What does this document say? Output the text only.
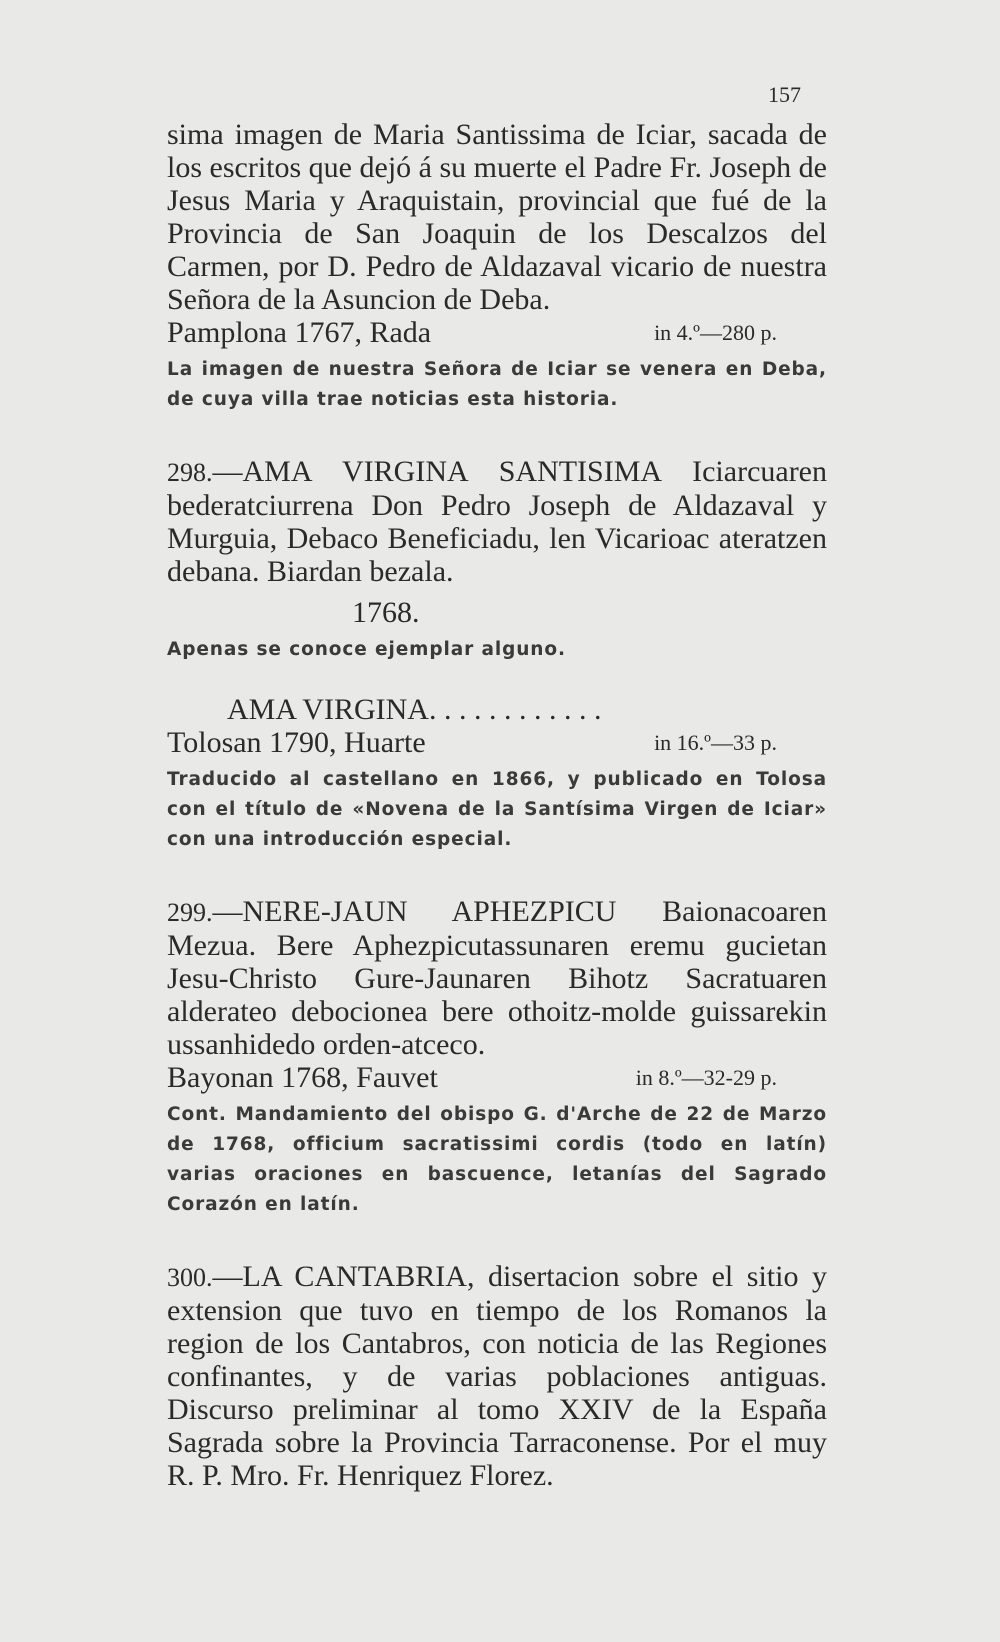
157

sima imagen de Maria Santissima de Iciar, sacada de los escritos que dejó á su muerte el Padre Fr. Joseph de Jesus Maria y Araquistain, provincial que fué de la Provincia de San Joaquin de los Descalzos del Carmen, por D. Pedro de Aldazaval vicario de nuestra Señora de la Asuncion de Deba.

Pamplona 1767, Rada	in 4.º—280 p.

La imagen de nuestra Señora de Iciar se venera en Deba, de cuya villa trae noticias esta historia.

298.—AMA VIRGINA SANTISIMA Iciarcuaren bederatciurrena Don Pedro Joseph de Aldazaval y Murguia, Debaco Beneficiadu, len Vicarioac ateratzen debana. Biardan bezala.

1768.

Apenas se conoce ejemplar alguno.

AMA VIRGINA. . . . . . . . . . . .

Tolosan 1790, Huarte	in 16.º—33 p.

Traducido al castellano en 1866, y publicado en Tolosa con el título de «Novena de la Santísima Virgen de Iciar» con una introducción especial.

299.—NERE-JAUN APHEZPICU Baionacoaren Mezua. Bere Aphezpicutassunaren eremu gucietan Jesu-Christo Gure-Jaunaren Bihotz Sacratuaren alderateo debocionea bere othoitz-molde guissarekin ussanhidedo orden-atceco.

Bayonan 1768, Fauvet	in 8.º—32-29 p.

Cont. Mandamiento del obispo G. d'Arche de 22 de Marzo de 1768, officium sacratissimi cordis (todo en latín) varias oraciones en bascuence, letanías del Sagrado Corazón en latín.

300.—LA CANTABRIA, disertacion sobre el sitio y extension que tuvo en tiempo de los Romanos la region de los Cantabros, con noticia de las Regiones confinantes, y de varias poblaciones antiguas. Discurso preliminar al tomo XXIV de la España Sagrada sobre la Provincia Tarraconense. Por el muy R. P. Mro. Fr. Henriquez Florez.
